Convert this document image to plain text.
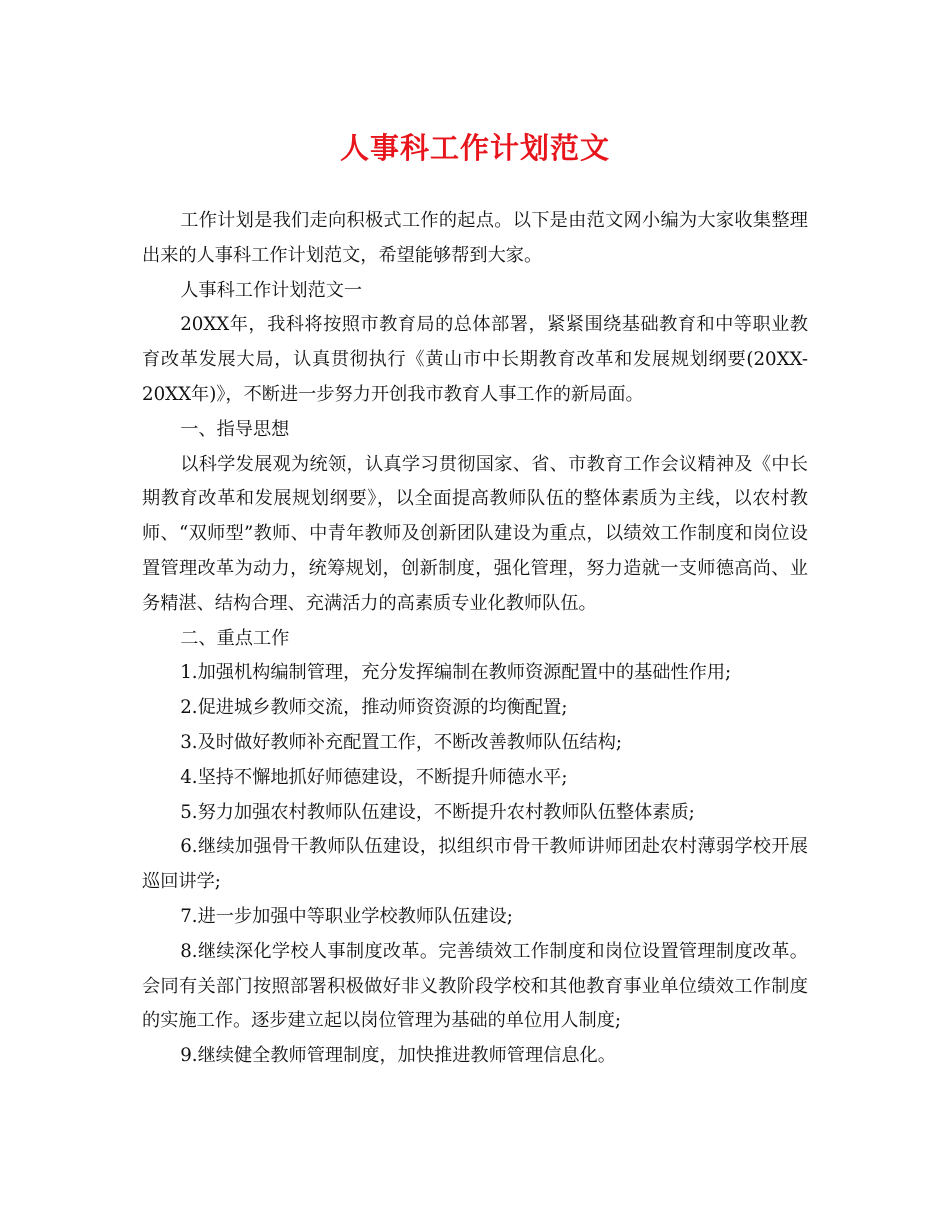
人事科工作计划范文

工作计划是我们走向积极式工作的起点。以下是由范文网小编为大家收集整理出来的人事科工作计划范文，希望能够帮到大家。

人事科工作计划范文一

20XX年，我科将按照市教育局的总体部署，紧紧围绕基础教育和中等职业教育改革发展大局，认真贯彻执行《黄山市中长期教育改革和发展规划纲要(20XX-20XX年)》，不断进一步努力开创我市教育人事工作的新局面。

一、指导思想

以科学发展观为统领，认真学习贯彻国家、省、市教育工作会议精神及《中长期教育改革和发展规划纲要》，以全面提高教师队伍的整体素质为主线，以农村教师、“双师型”教师、中青年教师及创新团队建设为重点，以绩效工作制度和岗位设置管理改革为动力，统筹规划，创新制度，强化管理，努力造就一支师德高尚、业务精湛、结构合理、充满活力的高素质专业化教师队伍。

二、重点工作

1.加强机构编制管理，充分发挥编制在教师资源配置中的基础性作用;

2.促进城乡教师交流，推动师资资源的均衡配置;

3.及时做好教师补充配置工作，不断改善教师队伍结构;

4.坚持不懈地抓好师德建设，不断提升师德水平;

5.努力加强农村教师队伍建设，不断提升农村教师队伍整体素质;

6.继续加强骨干教师队伍建设，拟组织市骨干教师讲师团赴农村薄弱学校开展巡回讲学;

7.进一步加强中等职业学校教师队伍建设;

8.继续深化学校人事制度改革。完善绩效工作制度和岗位设置管理制度改革。会同有关部门按照部署积极做好非义教阶段学校和其他教育事业单位绩效工作制度的实施工作。逐步建立起以岗位管理为基础的单位用人制度;

9.继续健全教师管理制度，加快推进教师管理信息化。
